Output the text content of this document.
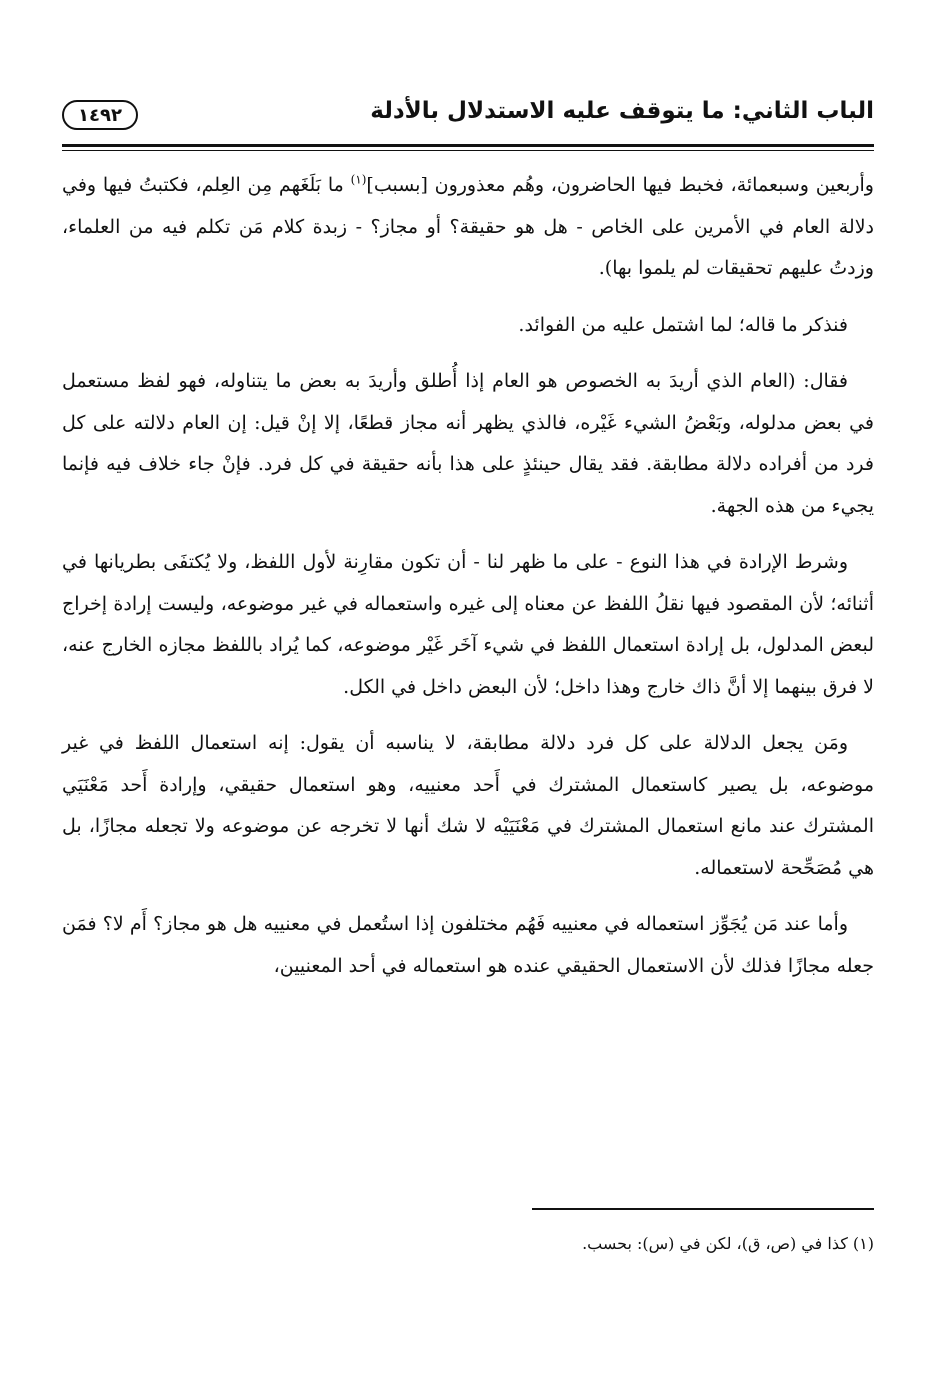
الباب الثاني: ما يتوقف عليه الاستدلال بالأدلة
١٤٩٢

وأربعين وسبعمائة، فخبط فيها الحاضرون، وهُم معذورون [بسبب]$^{(١)}$ ما بَلَغَهم مِن العِلم، فكتبتُ فيها وفي دلالة العام في الأمرين على الخاص - هل هو حقيقة؟ أو مجاز؟ - زبدة كلام مَن تكلم فيه من العلماء، وزدتُ عليهم تحقيقات لم يلموا بها).

فنذكر ما قاله؛ لما اشتمل عليه من الفوائد.

فقال: (العام الذي أريدَ به الخصوص هو العام إذا أُطلق وأريدَ به بعض ما يتناوله، فهو لفظ مستعمل في بعض مدلوله، وبَعْضُ الشيء غَيْره، فالذي يظهر أنه مجاز قطعًا، إلا إنْ قيل: إن العام دلالته على كل فرد من أفراده دلالة مطابقة. فقد يقال حينئذٍ على هذا بأنه حقيقة في كل فرد. فإنْ جاء خلاف فيه فإنما يجيء من هذه الجهة.

وشرط الإرادة في هذا النوع - على ما ظهر لنا - أن تكون مقارِنة لأول اللفظ، ولا يُكتفَى بطريانها في أثنائه؛ لأن المقصود فيها نقلُ اللفظ عن معناه إلى غيره واستعماله في غير موضوعه، وليست إرادة إخراج لبعض المدلول، بل إرادة استعمال اللفظ في شيء آخَر غَيْر موضوعه، كما يُراد باللفظ مجازه الخارج عنه، لا فرق بينهما إلا أنَّ ذاك خارج وهذا داخل؛ لأن البعض داخل في الكل.

ومَن يجعل الدلالة على كل فرد دلالة مطابقة، لا يناسبه أن يقول: إنه استعمال اللفظ في غير موضوعه، بل يصير كاستعمال المشترك في أَحد معنييه، وهو استعمال حقيقي، وإرادة أَحد مَعْنَيَي المشترك عند مانع استعمال المشترك في مَعْنَيَيْه لا شك أنها لا تخرجه عن موضوعه ولا تجعله مجازًا، بل هي مُصَحِّحة لاستعماله.

وأما عند مَن يُجَوِّز استعماله في معنييه فَهُم مختلفون إذا استُعمل في معنييه هل هو مجاز؟ أَم لا؟ فمَن جعله مجازًا فذلك لأن الاستعمال الحقيقي عنده هو استعماله في أحد المعنيين،

(١) كذا في (ص، ق)، لكن في (س): بحسب.
